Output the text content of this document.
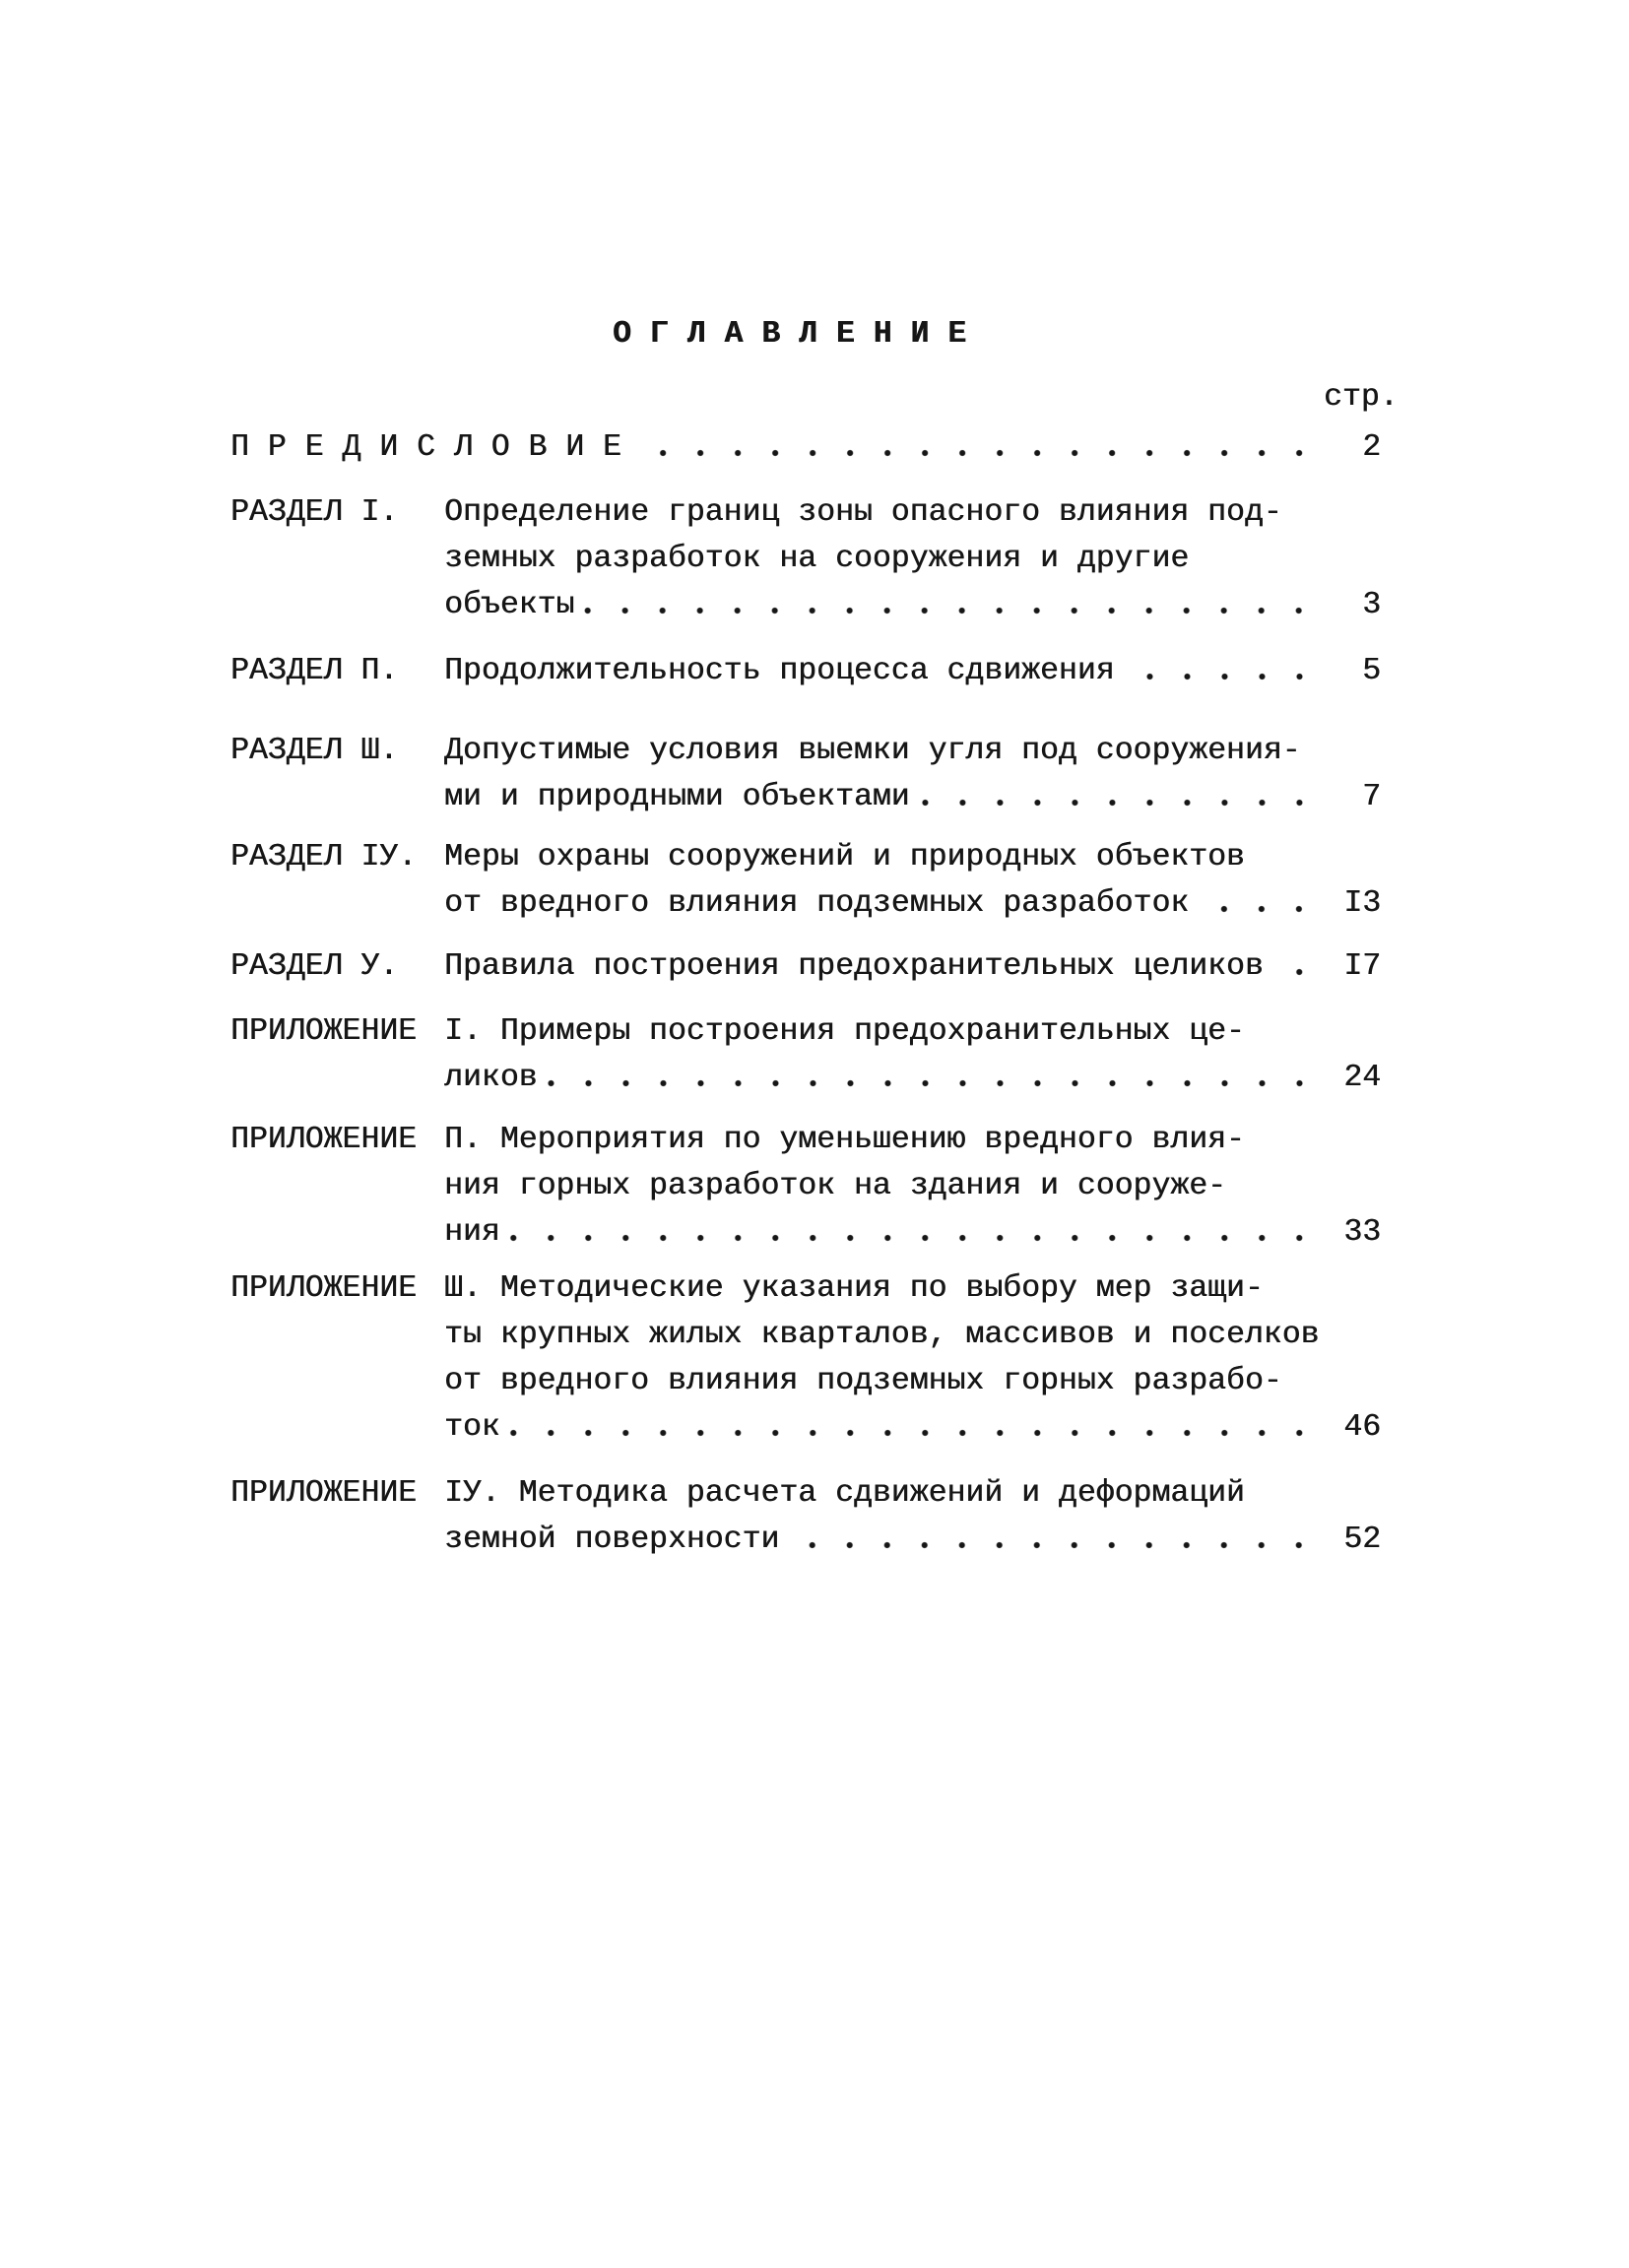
ОГЛАВЛЕНИЕ
стр.
ПРЕДИСЛОВИЕ	2
РАЗДЕЛ I.	Определение границ зоны опасного влияния под-
земных разработок на сооружения и другие
объекты	3
РАЗДЕЛ П.	Продолжительность процесса сдвижения	5
РАЗДЕЛ Ш.	Допустимые условия выемки угля под сооружения-
ми и природными объектами	7
РАЗДЕЛ IУ. Меры охраны сооружений и природных объектов
от вредного влияния подземных разработок	I3
РАЗДЕЛ У.	Правила построения предохранительных целиков	I7
ПРИЛОЖЕНИЕ I. Примеры построения предохранительных це-
ликов	24
ПРИЛОЖЕНИЕ П. Мероприятия по уменьшению вредного влия-
ния горных разработок на здания и сооруже-
ния	33
ПРИЛОЖЕНИЕ Ш. Методические указания по выбору мер защи-
ты крупных жилых кварталов, массивов и поселков
от вредного влияния подземных горных разрабо-
ток	46
ПРИЛОЖЕНИЕ IУ. Методика расчета сдвижений и деформаций
земной поверхности	52
